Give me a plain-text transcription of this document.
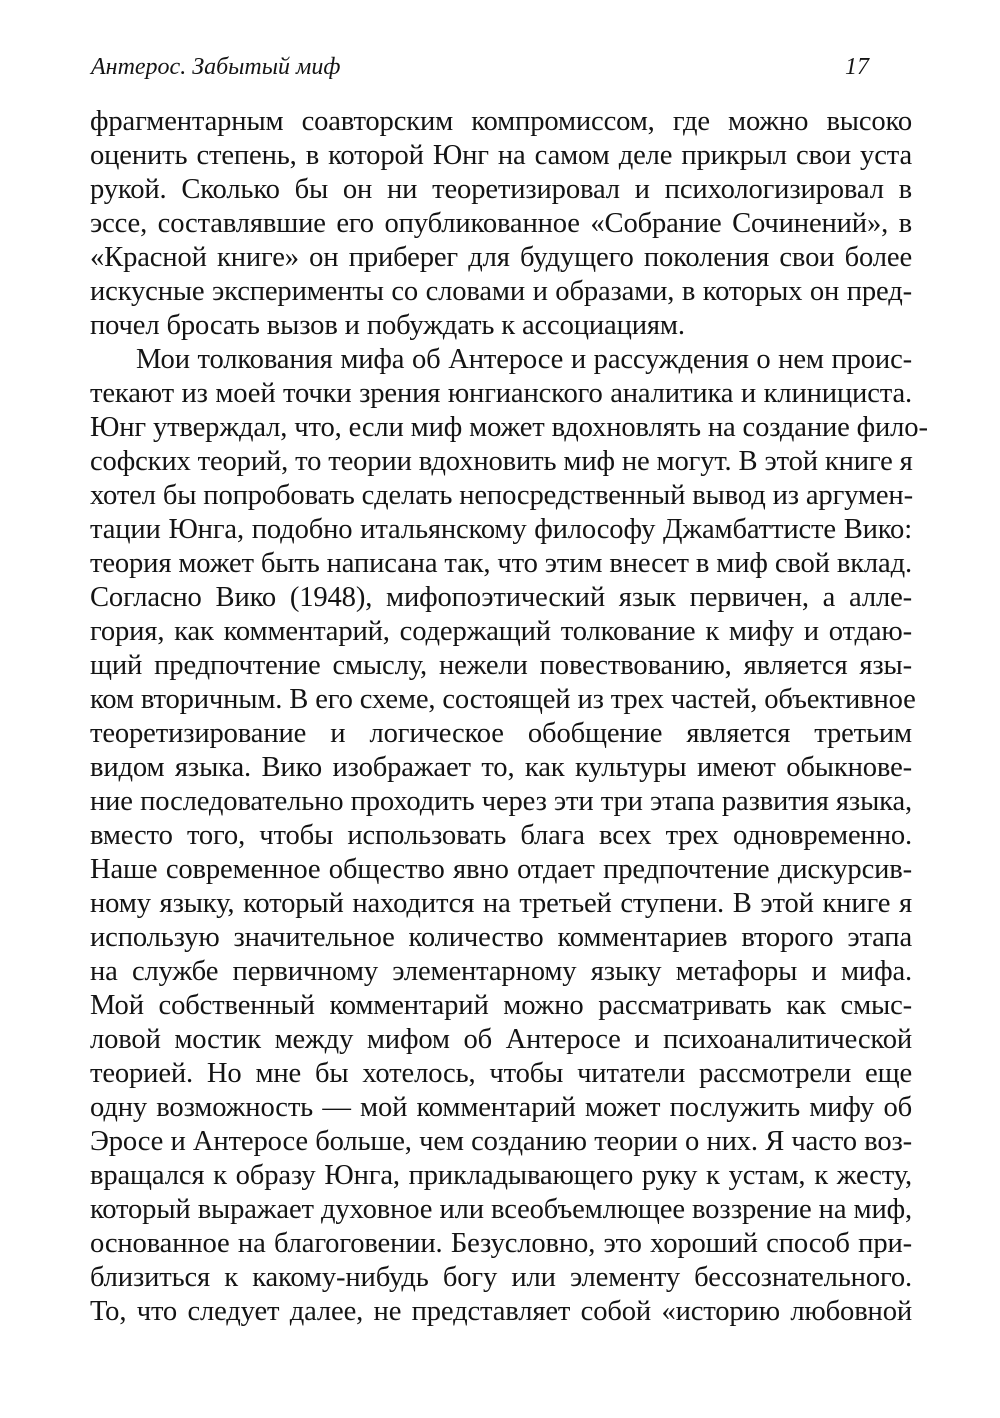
Антерос. Забытый миф	17
фрагментарным соавторским компромиссом, где можно высоко
оценить степень, в которой Юнг на самом деле прикрыл свои уста
рукой. Сколько бы он ни теоретизировал и психологизировал в
эссе, составлявшие его опубликованное «Собрание Сочинений», в
«Красной книге» он приберег для будущего поколения свои более
искусные эксперименты со словами и образами, в которых он пред-
почел бросать вызов и побуждать к ассоциациям.
Мои толкования мифа об Антеросе и рассуждения о нем проис-
текают из моей точки зрения юнгианского аналитика и клинициста.
Юнг утверждал, что, если миф может вдохновлять на создание фило-
софских теорий, то теории вдохновить миф не могут. В этой книге я
хотел бы попробовать сделать непосредственный вывод из аргумен-
тации Юнга, подобно итальянскому философу Джамбаттисте Вико:
теория может быть написана так, что этим внесет в миф свой вклад.
Согласно Вико (1948), мифопоэтический язык первичен, а алле-
гория, как комментарий, содержащий толкование к мифу и отдаю-
щий предпочтение смыслу, нежели повествованию, является язы-
ком вторичным. В его схеме, состоящей из трех частей, объективное
теоретизирование и логическое обобщение является третьим
видом языка. Вико изображает то, как культуры имеют обыкнове-
ние последовательно проходить через эти три этапа развития языка,
вместо того, чтобы использовать блага всех трех одновременно.
Наше современное общество явно отдает предпочтение дискурсив-
ному языку, который находится на третьей ступени. В этой книге я
использую значительное количество комментариев второго этапа
на службе первичному элементарному языку метафоры и мифа.
Мой собственный комментарий можно рассматривать как смыс-
ловой мостик между мифом об Антеросе и психоаналитической
теорией. Но мне бы хотелось, чтобы читатели рассмотрели еще
одну возможность — мой комментарий может послужить мифу об
Эросе и Антеросе больше, чем созданию теории о них. Я часто воз-
вращался к образу Юнга, прикладывающего руку к устам, к жесту,
который выражает духовное или всеобъемлющее воззрение на миф,
основанное на благоговении. Безусловно, это хороший способ при-
близиться к какому-нибудь богу или элементу бессознательного.
То, что следует далее, не представляет собой «историю любовной
